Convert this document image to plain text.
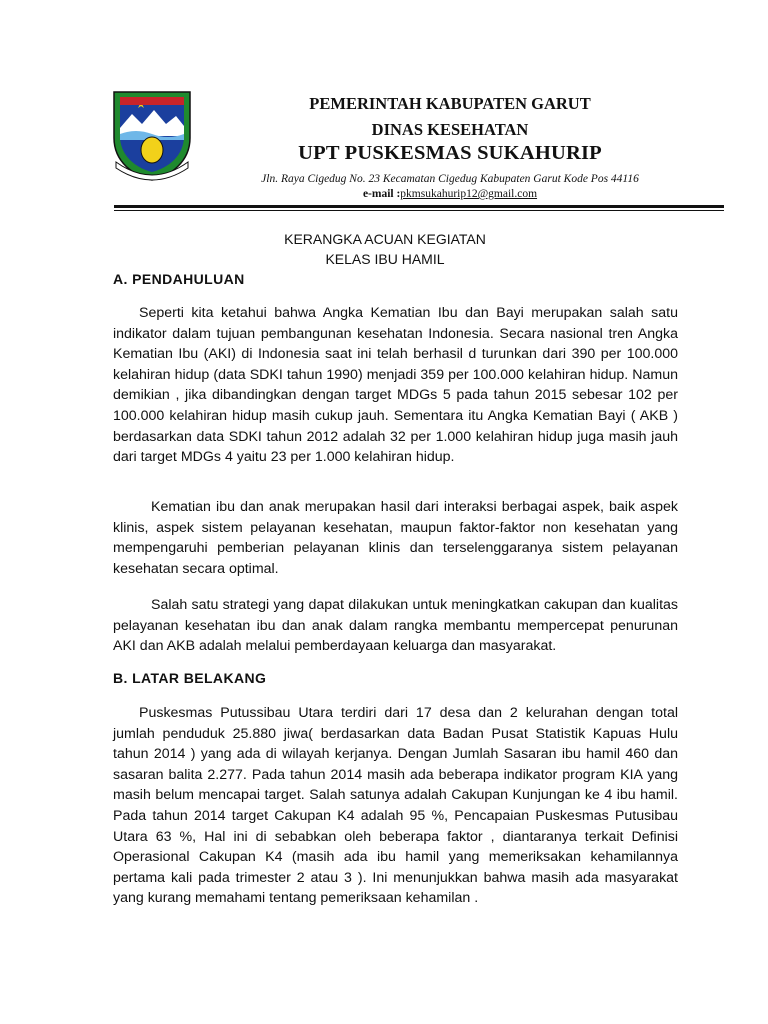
PEMERINTAH KABUPATEN GARUT
DINAS KESEHATAN
UPT PUSKESMAS SUKAHURIP
Jln. Raya Cigedug No. 23 Kecamatan Cigedug Kabupaten Garut Kode Pos 44116
e-mail :pkmsukahurip12@gmail.com
KERANGKA ACUAN KEGIATAN
KELAS IBU HAMIL
A. PENDAHULUAN

Seperti kita ketahui bahwa Angka Kematian Ibu dan Bayi merupakan salah satu indikator dalam tujuan pembangunan kesehatan Indonesia. Secara nasional tren Angka Kematian Ibu (AKI) di Indonesia saat ini telah berhasil d turunkan dari 390 per 100.000 kelahiran hidup (data SDKI tahun 1990) menjadi 359 per 100.000 kelahiran hidup. Namun demikian , jika dibandingkan dengan target MDGs 5 pada tahun 2015 sebesar 102 per 100.000 kelahiran hidup masih cukup jauh. Sementara itu Angka Kematian Bayi ( AKB ) berdasarkan data SDKI tahun 2012 adalah 32 per 1.000 kelahiran hidup juga masih jauh dari target MDGs 4 yaitu 23 per 1.000 kelahiran hidup.

Kematian ibu dan anak merupakan hasil dari interaksi berbagai aspek, baik aspek klinis, aspek sistem pelayanan kesehatan, maupun faktor-faktor non kesehatan yang mempengaruhi pemberian pelayanan klinis dan terselenggaranya sistem pelayanan kesehatan secara optimal.

Salah satu strategi yang dapat dilakukan untuk meningkatkan cakupan dan kualitas pelayanan kesehatan ibu dan anak dalam rangka membantu mempercepat penurunan AKI dan AKB adalah melalui pemberdayaan keluarga dan masyarakat.

B. LATAR BELAKANG

Puskesmas Putussibau Utara terdiri dari 17 desa dan 2 kelurahan dengan total jumlah penduduk 25.880 jiwa( berdasarkan data Badan Pusat Statistik Kapuas Hulu tahun 2014 ) yang ada di wilayah kerjanya. Dengan Jumlah Sasaran ibu hamil 460 dan sasaran balita 2.277. Pada tahun 2014 masih ada beberapa indikator program KIA yang masih belum mencapai target. Salah satunya adalah Cakupan Kunjungan ke 4 ibu hamil. Pada tahun 2014 target Cakupan K4 adalah 95 %, Pencapaian Puskesmas Putusibau Utara 63 %, Hal ini di sebabkan oleh beberapa faktor , diantaranya terkait Definisi Operasional Cakupan K4 (masih ada ibu hamil yang memeriksakan kehamilannya pertama kali pada trimester 2 atau 3 ). Ini menunjukkan bahwa masih ada masyarakat yang kurang memahami tentang pemeriksaan kehamilan .
